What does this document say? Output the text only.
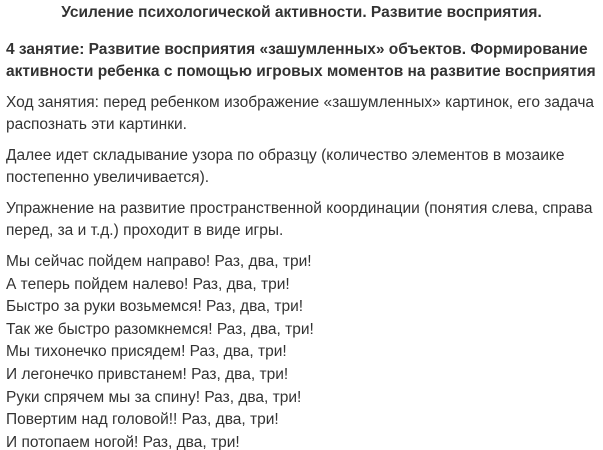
Усиление психологической активности. Развитие восприятия.
4 занятие: Развитие восприятия «зашумленных» объектов. Формирование
активности ребенка с помощью игровых моментов на развитие восприятия

Ход занятия: перед ребенком изображение «зашумленных» картинок, его задача
распознать эти картинки.

Далее идет складывание узора по образцу (количество элементов в мозаике
постепенно увеличивается).

Упражнение на развитие пространственной координации (понятия слева, справа
перед, за и т.д.) проходит в виде игры.

Мы сейчас пойдем направо! Раз, два, три!
А теперь пойдем налево! Раз, два, три!
Быстро за руки возьмемся! Раз, два, три!
Так же быстро разомкнемся! Раз, два, три!
Мы тихонечко присядем! Раз, два, три!
И легонечко привстанем! Раз, два, три!
Руки спрячем мы за спину! Раз, два, три!
Повертим над головой!! Раз, два, три!
И потопаем ногой! Раз, два, три!
